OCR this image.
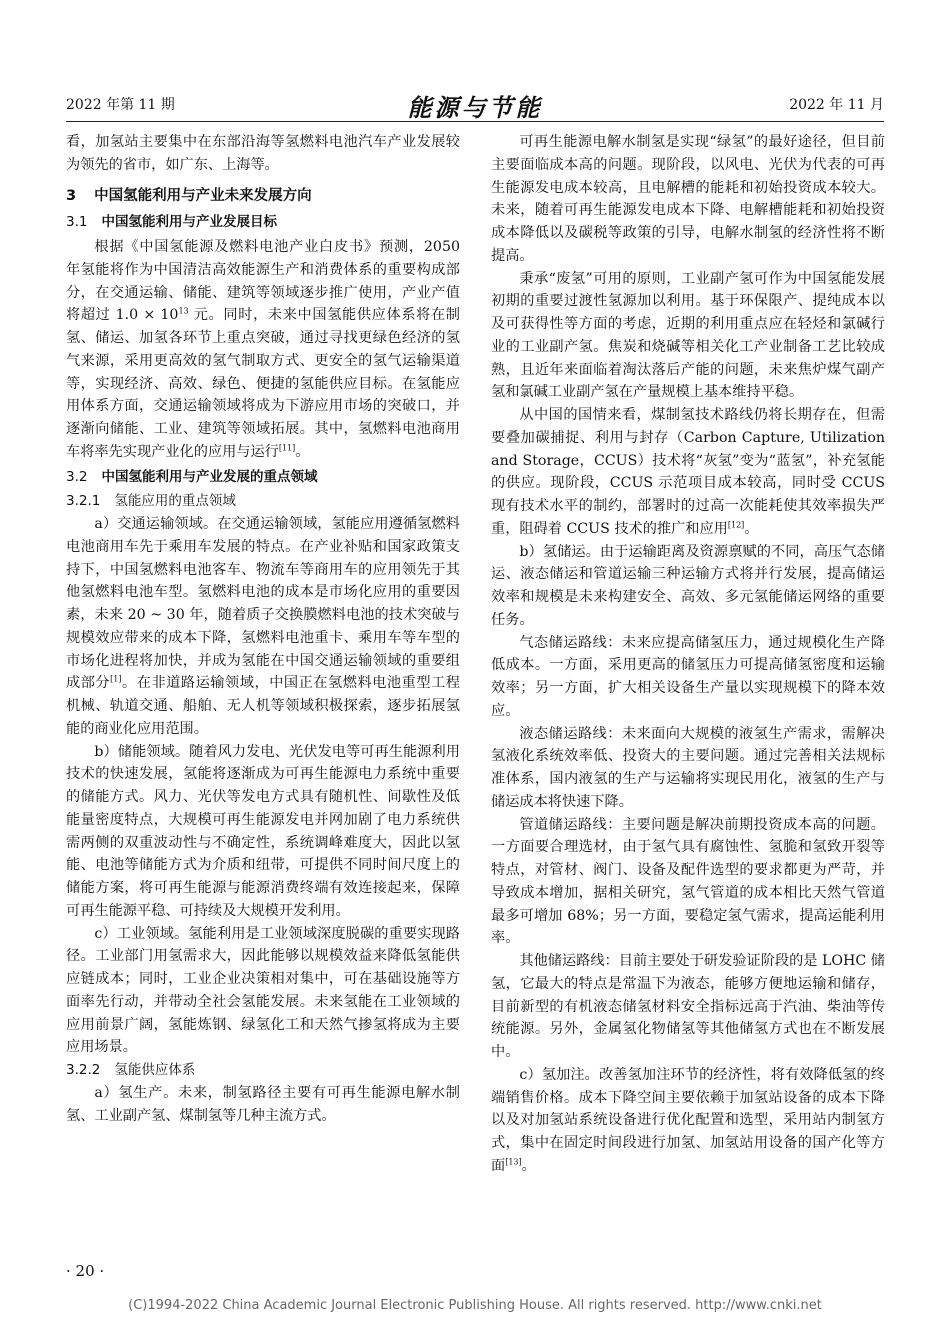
2022 年第 11 期	能源与节能	2022 年 11 月

看，加氢站主要集中在东部沿海等氢燃料电池汽车产业发展较为领先的省市，如广东、上海等。

3 中国氢能利用与产业未来发展方向
3.1 中国氢能利用与产业发展目标

根据《中国氢能源及燃料电池产业白皮书》预测，2050 年氢能将作为中国清洁高效能源生产和消费体系的重要构成部分，在交通运输、储能、建筑等领域逐步推广使用，产业产值将超过 $1.0 \times 10^{13}$ 元。同时，未来中国氢能供应体系将在制氢、储运、加氢各环节上重点突破，通过寻找更绿色经济的氢气来源，采用更高效的氢气制取方式、更安全的氢气运输渠道等，实现经济、高效、绿色、便捷的氢能供应目标。在氢能应用体系方面，交通运输领域将成为下游应用市场的突破口，并逐渐向储能、工业、建筑等领域拓展。其中，氢燃料电池商用车将率先实现产业化的应用与运行[11]。

3.2 中国氢能利用与产业发展的重点领域
3.2.1 氢能应用的重点领域

a）交通运输领域。在交通运输领域，氢能应用遵循氢燃料电池商用车先于乘用车发展的特点。在产业补贴和国家政策支持下，中国氢燃料电池客车、物流车等商用车的应用领先于其他氢燃料电池车型。氢燃料电池的成本是市场化应用的重要因素，未来 20 ~ 30 年，随着质子交换膜燃料电池的技术突破与规模效应带来的成本下降，氢燃料电池重卡、乘用车等车型的市场化进程将加快，并成为氢能在中国交通运输领域的重要组成部分[1]。在非道路运输领域，中国正在氢燃料电池重型工程机械、轨道交通、船舶、无人机等领域积极探索，逐步拓展氢能的商业化应用范围。

b）储能领域。随着风力发电、光伏发电等可再生能源利用技术的快速发展，氢能将逐渐成为可再生能源电力系统中重要的储能方式。风力、光伏等发电方式具有随机性、间歇性及低能量密度特点，大规模可再生能源发电并网加剧了电力系统供需两侧的双重波动性与不确定性，系统调峰难度大，因此以氢能、电池等储能方式为介质和纽带，可提供不同时间尺度上的储能方案，将可再生能源与能源消费终端有效连接起来，保障可再生能源平稳、可持续及大规模开发利用。

c）工业领域。氢能利用是工业领域深度脱碳的重要实现路径。工业部门用氢需求大，因此能够以规模效益来降低氢能供应链成本；同时，工业企业决策相对集中，可在基础设施等方面率先行动，并带动全社会氢能发展。未来氢能在工业领域的应用前景广阔，氢能炼钢、绿氢化工和天然气掺氢将成为主要应用场景。

3.2.2 氢能供应体系

a）氢生产。未来，制氢路径主要有可再生能源电解水制氢、工业副产氢、煤制氢等几种主流方式。

可再生能源电解水制氢是实现“绿氢”的最好途径，但目前主要面临成本高的问题。现阶段，以风电、光伏为代表的可再生能源发电成本较高，且电解槽的能耗和初始投资成本较大。未来，随着可再生能源发电成本下降、电解槽能耗和初始投资成本降低以及碳税等政策的引导，电解水制氢的经济性将不断提高。

秉承“废氢”可用的原则，工业副产氢可作为中国氢能发展初期的重要过渡性氢源加以利用。基于环保限产、提纯成本以及可获得性等方面的考虑，近期的利用重点应在轻烃和氯碱行业的工业副产氢。焦炭和烧碱等相关化工产业制备工艺比较成熟，且近年来面临着淘汰落后产能的问题，未来焦炉煤气副产氢和氯碱工业副产氢在产量规模上基本维持平稳。

从中国的国情来看，煤制氢技术路线仍将长期存在，但需要叠加碳捕捉、利用与封存（Carbon Capture, Utilization and Storage，CCUS）技术将“灰氢”变为“蓝氢”，补充氢能的供应。现阶段，CCUS 示范项目成本较高，同时受 CCUS 现有技术水平的制约，部署时的过高一次能耗使其效率损失严重，阻碍着 CCUS 技术的推广和应用[12]。

b）氢储运。由于运输距离及资源禀赋的不同，高压气态储运、液态储运和管道运输三种运输方式将并行发展，提高储运效率和规模是未来构建安全、高效、多元氢能储运网络的重要任务。

气态储运路线：未来应提高储氢压力，通过规模化生产降低成本。一方面，采用更高的储氢压力可提高储氢密度和运输效率；另一方面，扩大相关设备生产量以实现规模下的降本效应。

液态储运路线：未来面向大规模的液氢生产需求，需解决氢液化系统效率低、投资大的主要问题。通过完善相关法规标准体系，国内液氢的生产与运输将实现民用化，液氢的生产与储运成本将快速下降。

管道储运路线：主要问题是解决前期投资成本高的问题。一方面要合理选材，由于氢气具有腐蚀性、氢脆和氢致开裂等特点，对管材、阀门、设备及配件选型的要求都更为严苛，并导致成本增加，据相关研究，氢气管道的成本相比天然气管道最多可增加 68%；另一方面，要稳定氢气需求，提高运能利用率。

其他储运路线：目前主要处于研发验证阶段的是 LOHC 储氢，它最大的特点是常温下为液态，能够方便地运输和储存，目前新型的有机液态储氢材料安全指标远高于汽油、柴油等传统能源。另外，金属氢化物储氢等其他储氢方式也在不断发展中。

c）氢加注。改善氢加注环节的经济性，将有效降低氢的终端销售价格。成本下降空间主要依赖于加氢站设备的成本下降以及对加氢站系统设备进行优化配置和选型，采用站内制氢方式，集中在固定时间段进行加氢、加氢站用设备的国产化等方面[13]。

· 20 ·
(C)1994-2022 China Academic Journal Electronic Publishing House. All rights reserved. http://www.cnki.net
